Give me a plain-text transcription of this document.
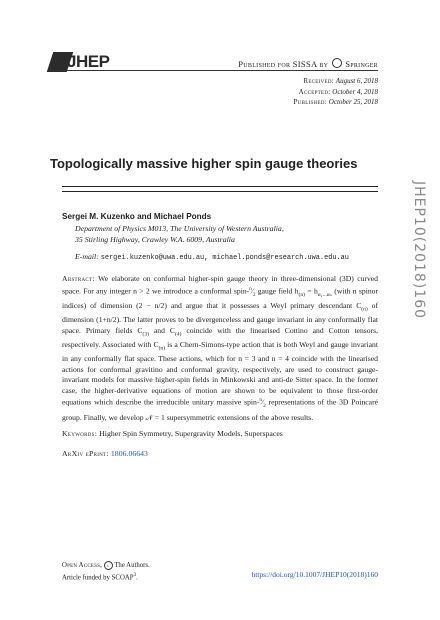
JHEP	Published for SISSA by Springer
Received: August 6, 2018
Accepted: October 4, 2018
Published: October 25, 2018
JHEP10(2018)160
Topologically massive higher spin gauge theories
Sergei M. Kuzenko and Michael Ponds
Department of Physics M013, The University of Western Australia,
35 Stirling Highway, Crawley W.A. 6009, Australia
E-mail: sergei.kuzenko@uwa.edu.au, michael.ponds@research.uwa.edu.au
Abstract: We elaborate on conformal higher-spin gauge theory in three-dimensional (3D) curved space. For any integer n > 2 we introduce a conformal spin-$^n⁄_2$ gauge field $h_{(n)} = h_{\alpha_1...\alpha_n}$ (with n spinor indices) of dimension (2 − n/2) and argue that it possesses a Weyl primary descendant $C_{(n)}$ of dimension (1+n/2). The latter proves to be divergenceless and gauge invariant in any conformally flat space. Primary fields $C_{(3)}$ and $C_{(4)}$ coincide with the linearised Cottino and Cotton tensors, respectively. Associated with $C_{(n)}$ is a Chern-Simons-type action that is both Weyl and gauge invariant in any conformally flat space. These actions, which for n = 3 and n = 4 coincide with the linearised actions for conformal gravitino and conformal gravity, respectively, are used to construct gauge-invariant models for massive higher-spin fields in Minkowski and anti-de Sitter space. In the former case, the higher-derivative equations of motion are shown to be equivalent to those first-order equations which describe the irreducible unitary massive spin-$^n⁄_2$ representations of the 3D Poincaré group. Finally, we develop 𝒩 = 1 supersymmetric extensions of the above results.
Keywords: Higher Spin Symmetry, Supergravity Models, Superspaces
ArXiv ePrint: 1806.06643
Open Access, c The Authors.
Article funded by SCOAP$^3$.	https://doi.org/10.1007/JHEP10(2018)160
